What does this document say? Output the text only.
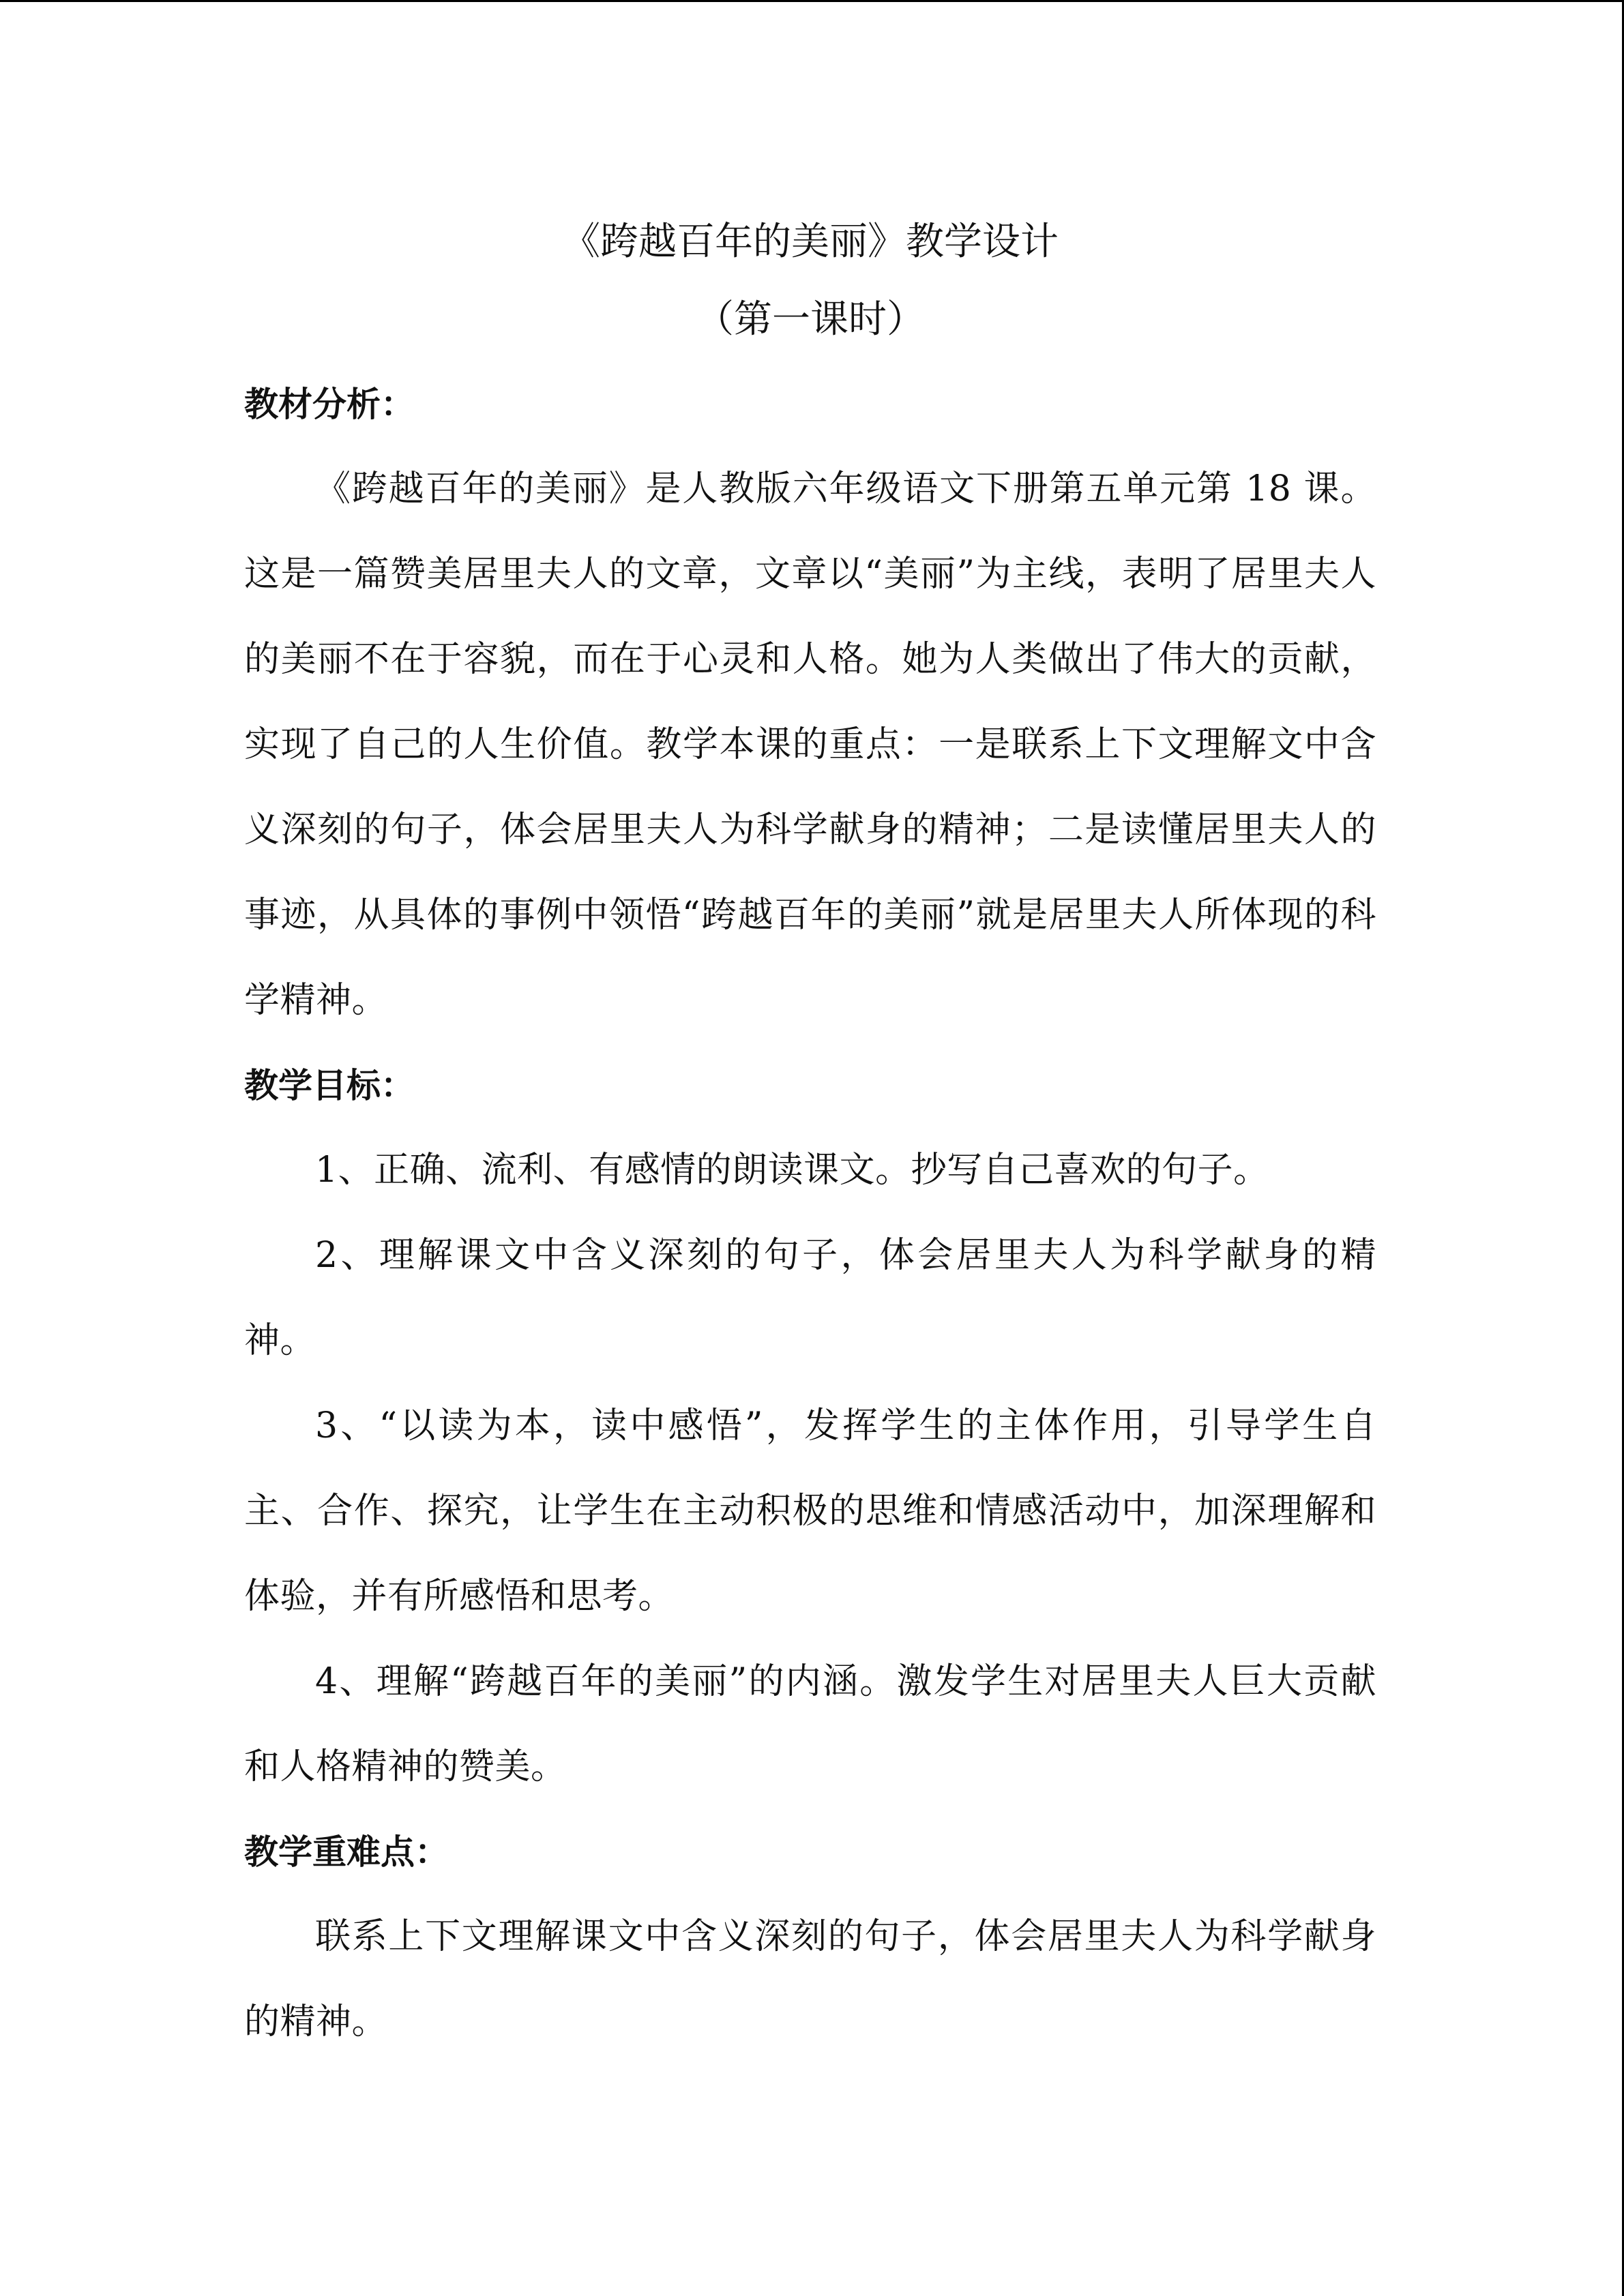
《跨越百年的美丽》教学设计

（第一课时）

教材分析：

《跨越百年的美丽》是人教版六年级语文下册第五单元第 18 课。这是一篇赞美居里夫人的文章，文章以“美丽”为主线，表明了居里夫人的美丽不在于容貌，而在于心灵和人格。她为人类做出了伟大的贡献，实现了自己的人生价值。教学本课的重点：一是联系上下文理解文中含义深刻的句子，体会居里夫人为科学献身的精神；二是读懂居里夫人的事迹，从具体的事例中领悟“跨越百年的美丽”就是居里夫人所体现的科学精神。

教学目标：

1、正确、流利、有感情的朗读课文。抄写自己喜欢的句子。

2、理解课文中含义深刻的句子，体会居里夫人为科学献身的精神。

3、“以读为本，读中感悟”，发挥学生的主体作用，引导学生自主、合作、探究，让学生在主动积极的思维和情感活动中，加深理解和体验，并有所感悟和思考。

4、理解“跨越百年的美丽”的内涵。激发学生对居里夫人巨大贡献和人格精神的赞美。

教学重难点：

联系上下文理解课文中含义深刻的句子，体会居里夫人为科学献身的精神。
